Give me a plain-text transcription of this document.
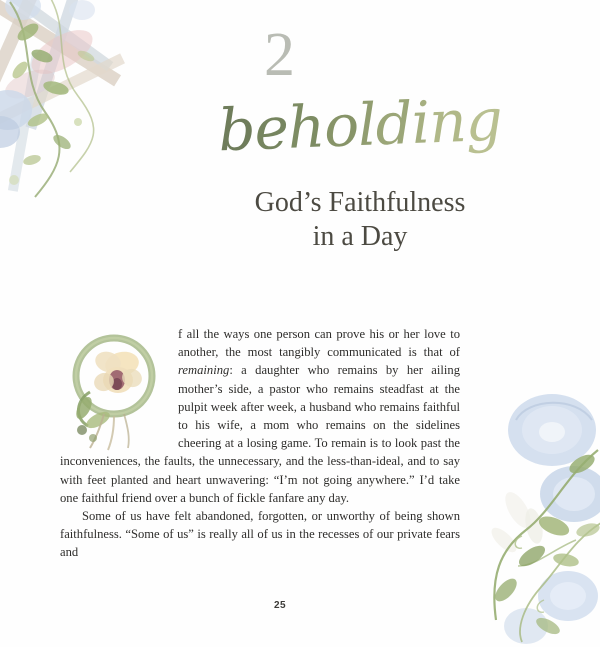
2
beholding
God’s Faithfulness
in a Day
f all the ways one person can prove his or her love to another, the most tangibly communicated is that of remaining: a daughter who remains by her ailing mother’s side, a pastor who remains steadfast at the pulpit week after week, a husband who remains faithful to his wife, a mom who remains on the sidelines cheering at a losing game. To remain is to look past the inconveniences, the faults, the unnecessary, and the less-than-ideal, and to say with feet planted and heart unwavering: “I’m not going anywhere.” I’d take one faithful friend over a bunch of fickle fanfare any day.

Some of us have felt abandoned, forgotten, or unworthy of being shown faithfulness. “Some of us” is really all of us in the recesses of our private fears and

25
